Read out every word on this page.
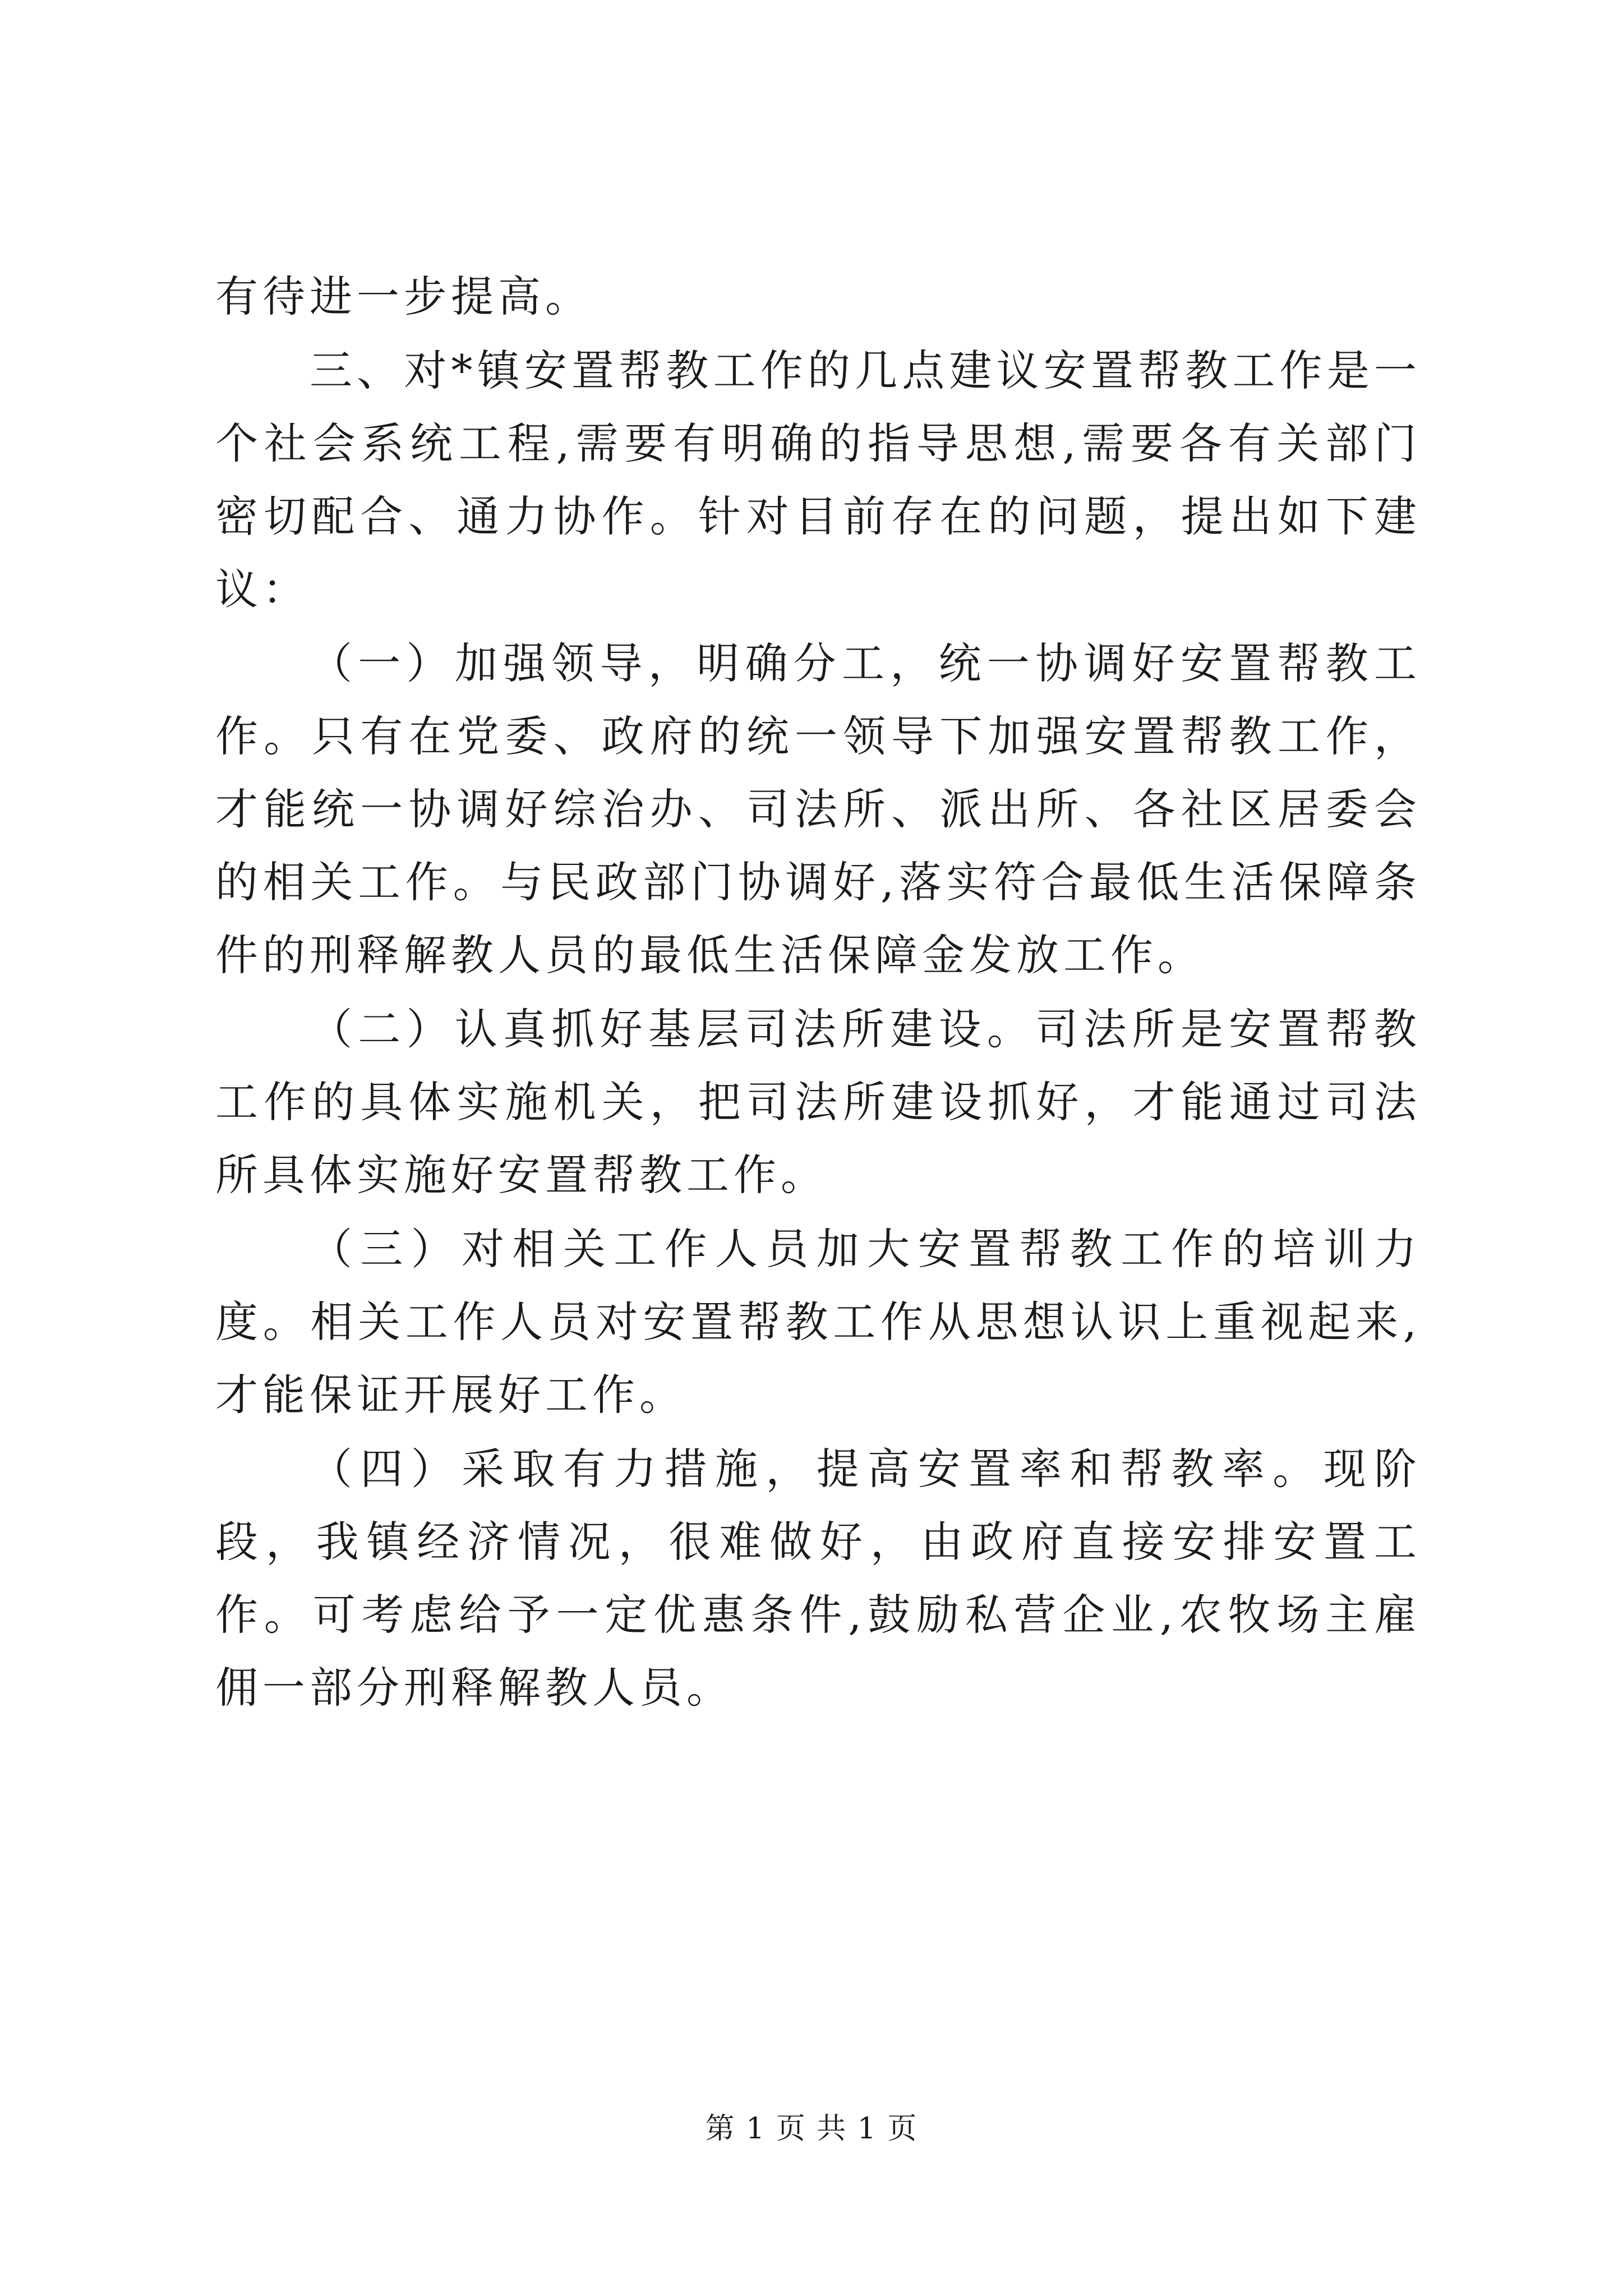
有待进一步提高。

三、对*镇安置帮教工作的几点建议安置帮教工作是一个社会系统工程,需要有明确的指导思想,需要各有关部门密切配合、通力协作。针对目前存在的问题，提出如下建议：

（一）加强领导，明确分工，统一协调好安置帮教工作。只有在党委、政府的统一领导下加强安置帮教工作，才能统一协调好综治办、司法所、派出所、各社区居委会的相关工作。与民政部门协调好,落实符合最低生活保障条件的刑释解教人员的最低生活保障金发放工作。

（二）认真抓好基层司法所建设。司法所是安置帮教工作的具体实施机关，把司法所建设抓好，才能通过司法所具体实施好安置帮教工作。

（三）对相关工作人员加大安置帮教工作的培训力度。相关工作人员对安置帮教工作从思想认识上重视起来,才能保证开展好工作。

（四）采取有力措施，提高安置率和帮教率。现阶段，我镇经济情况，很难做好，由政府直接安排安置工作。可考虑给予一定优惠条件,鼓励私营企业,农牧场主雇佣一部分刑释解教人员。

第 1 页 共 1 页
